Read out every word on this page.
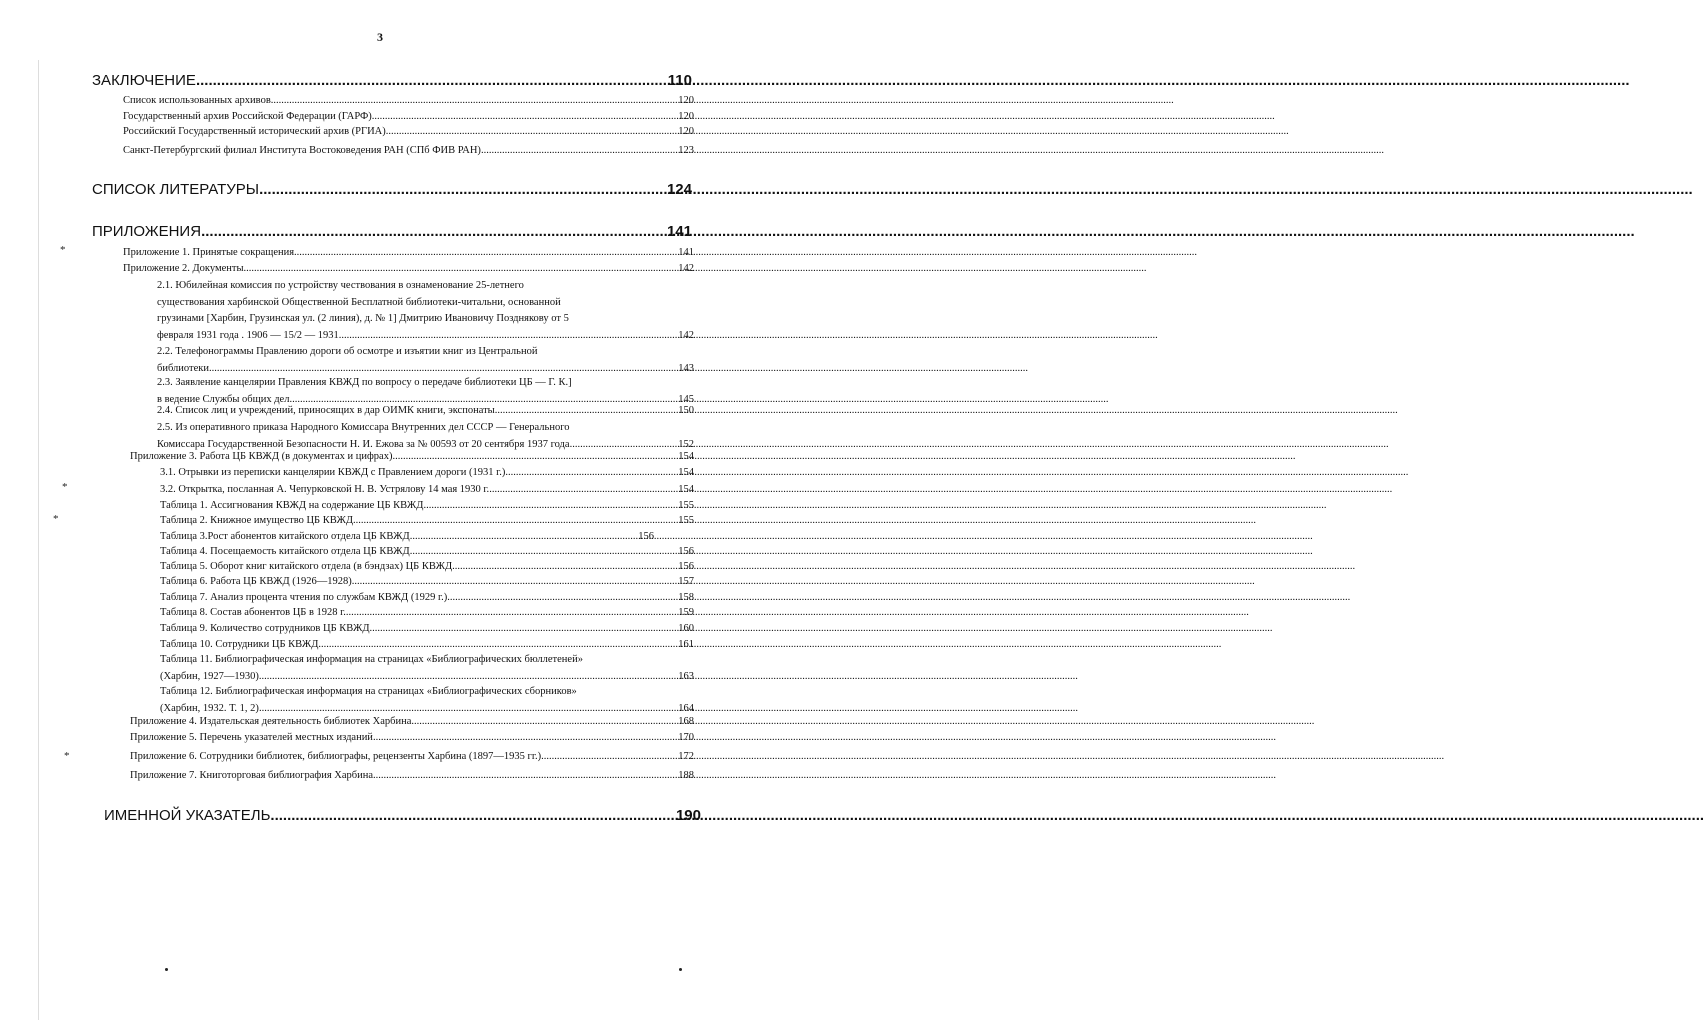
3
ЗАКЛЮЧЕНИЕ .....	110
Список использованных архивов .....	120
Государственный архив Российской Федерации (ГАРФ) .....	120
Российский Государственный исторический архив (РГИА) .....	120
Санкт-Петербургский филиал Института Востоковедения РАН (СПб ФИВ РАН) .....	123
СПИСОК ЛИТЕРАТУРЫ .....	124
ПРИЛОЖЕНИЯ .....	141
Приложение 1. Принятые сокращения .....	141
Приложение 2. Документы .....	142
2.1. Юбилейная комиссия по устройству чествования в ознаменование 25-летнего
существования харбинской Общественной Бесплатной библиотеки-читальни, основанной
грузинами [Харбин, Грузинская ул. (2 линия), д. № 1] Дмитрию Ивановичу Позднякову от 5
февраля 1931 года . 1906 — 15/2 — 1931 .....	142
2.2. Телефонограммы Правлению дороги об осмотре и изъятии книг из Центральной
библиотеки .....	143
2.3. Заявление канцелярии Правления КВЖД по вопросу о передаче библиотеки ЦБ — Г. К.]
в ведение Службы общих дел .....	145
2.4. Список лиц и учреждений, приносящих в дар ОИМК книги, экспонаты .....	150
2.5. Из оперативного приказа Народного Комиссара Внутренних дел СССР — Генерального
Комиссара Государственной Безопасности Н. И. Ежова за № 00593 от 20 сентября 1937 года .....	152
Приложение 3. Работа ЦБ КВЖД (в документах и цифрах) .....	154
3.1. Отрывки из переписки канцелярии КВЖД с Правлением дороги (1931 г.) .....	154
3.2. Открытка, посланная А. Чепурковской Н. В. Устрялову 14 мая 1930 г. .....	154
Таблица 1. Ассигнования КВЖД на содержание ЦБ КВЖД .....	155
Таблица 2. Книжное имущество ЦБ КВЖД .....	155
Таблица 3.Рост абонентов китайского отдела ЦБ КВЖД .....	156
Таблица 4. Посещаемость китайского отдела ЦБ КВЖД .....	156
Таблица 5. Оборот книг китайского отдела (в бэндзах) ЦБ КВЖД .....	156
Таблица 6. Работа ЦБ КВЖД (1926—1928) .....	157
Таблица 7. Анализ процента чтения по службам КВЖД (1929 г.) .....	158
Таблица 8. Состав абонентов ЦБ в 1928 г. .....	159
Таблица 9. Количество сотрудников ЦБ КВЖД .....	160
Таблица 10. Сотрудники ЦБ КВЖД .....	161
Таблица 11. Библиографическая информация на страницах «Библиографических бюллетеней»
(Харбин, 1927—1930) .....	163
Таблица 12. Библиографическая информация на страницах «Библиографических сборников»
(Харбин, 1932. Т. 1, 2) .....	164
Приложение 4. Издательская деятельность библиотек Харбина .....	168
Приложение 5. Перечень указателей местных изданий .....	170
Приложение 6. Сотрудники библиотек, библиографы, рецензенты Харбина (1897—1935 гг.) .....	172
Приложение 7. Книготорговая библиография Харбина .....	188
ИМЕННОЙ УКАЗАТЕЛЬ .....	190
*
*
*
*
